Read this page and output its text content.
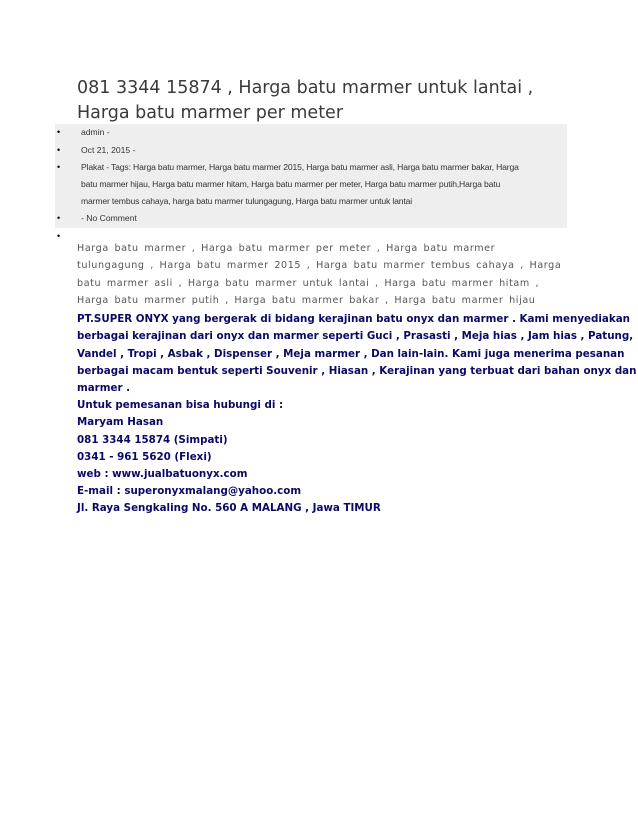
081 3344 15874 , Harga batu marmer untuk lantai , Harga batu marmer per meter
• admin -
• Oct 21, 2015 -
• Plakat - Tags: Harga batu marmer, Harga batu marmer 2015, Harga batu marmer asli, Harga batu marmer bakar, Harga
batu marmer hijau, Harga batu marmer hitam, Harga batu marmer per meter, Harga batu marmer putih,Harga batu
marmer tembus cahaya, harga batu marmer tulungagung, Harga batu marmer untuk lantai
• - No Comment
•

Harga batu marmer , Harga batu marmer per meter , Harga batu marmer tulungagung , Harga batu marmer 2015 , Harga batu marmer tembus cahaya , Harga batu marmer asli , Harga batu marmer untuk lantai , Harga batu marmer hitam , Harga batu marmer putih , Harga batu marmer bakar , Harga batu marmer hijau

PT.SUPER ONYX yang bergerak di bidang kerajinan batu onyx dan marmer . Kami menyediakan
berbagai kerajinan dari onyx dan marmer seperti Guci , Prasasti , Meja hias , Jam hias , Patung,
Vandel , Tropi , Asbak , Dispenser , Meja marmer , Dan lain-lain. Kami juga menerima pesanan
berbagai macam bentuk seperti Souvenir , Hiasan , Kerajinan yang terbuat dari bahan onyx dan
marmer .
Untuk pemesanan bisa hubungi di :
Maryam Hasan
081 3344 15874 (Simpati)
0341 - 961 5620 (Flexi)
web : www.jualbatuonyx.com
E-mail : superonyxmalang@yahoo.com
Jl. Raya Sengkaling No. 560 A MALANG , Jawa TIMUR
